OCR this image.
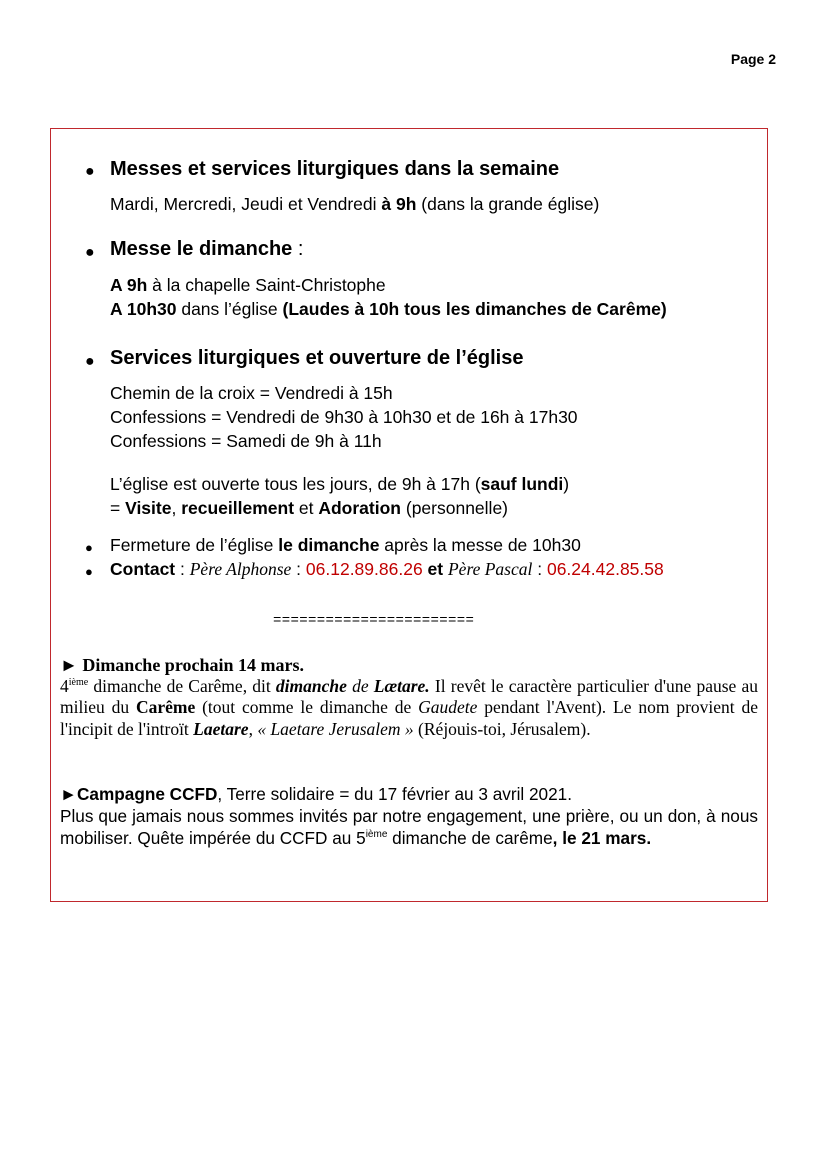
Page 2
● Messes et services liturgiques dans la semaine
Mardi, Mercredi, Jeudi et Vendredi à 9h (dans la grande église)
● Messe le dimanche :
A 9h à la chapelle Saint-Christophe
A 10h30 dans l’église (Laudes à 10h tous les dimanches de Carême)
● Services liturgiques et ouverture de l’église
Chemin de la croix = Vendredi à 15h
Confessions = Vendredi de 9h30 à 10h30 et de 16h à 17h30
Confessions = Samedi de 9h à 11h
L’église est ouverte tous les jours, de 9h à 17h (sauf lundi)
= Visite, recueillement et Adoration (personnelle)
● Fermeture de l’église le dimanche après la messe de 10h30
● Contact : Père Alphonse : 06.12.89.86.26 et Père Pascal : 06.24.42.85.58
=======================
► Dimanche prochain 14 mars.
4ième dimanche de Carême, dit dimanche de Lætare. Il revêt le caractère particulier d'une pause au milieu du Carême (tout comme le dimanche de Gaudete pendant l'Avent). Le nom provient de l'incipit de l'introït Laetare, « Laetare Jerusalem » (Réjouis-toi, Jérusalem).
►Campagne CCFD, Terre solidaire = du 17 février au 3 avril 2021.
Plus que jamais nous sommes invités par notre engagement, une prière, ou un don, à nous mobiliser. Quête impérée du CCFD au 5ième dimanche de carême, le 21 mars.
